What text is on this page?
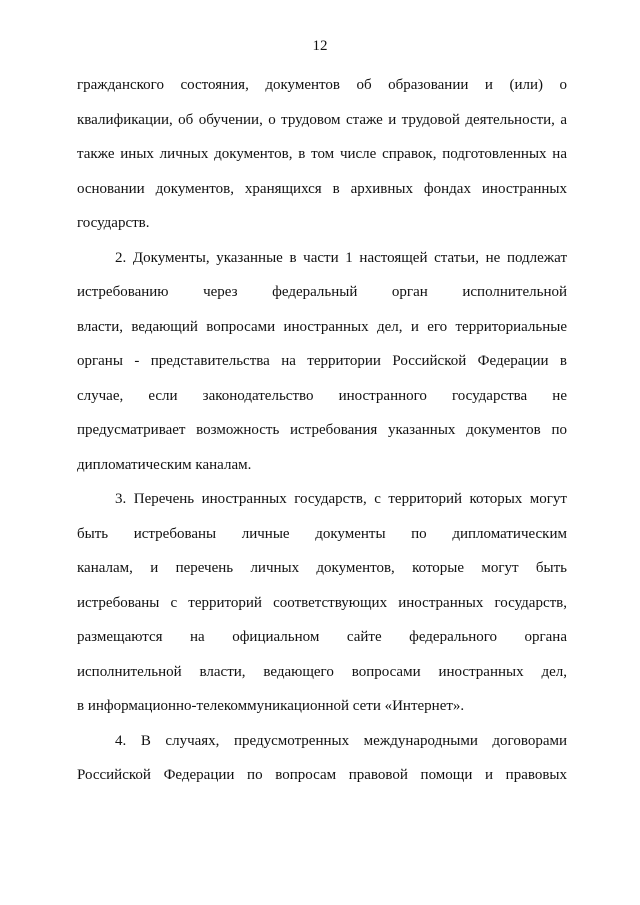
12
гражданского состояния, документов об образовании и (или) о
квалификации, об обучении, о трудовом стаже и трудовой деятельности, а
также иных личных документов, в том числе справок, подготовленных на
основании документов, хранящихся в архивных фондах иностранных
государств.
2. Документы, указанные в части 1 настоящей статьи, не подлежат
истребованию через федеральный орган исполнительной
власти, ведающий вопросами иностранных дел, и его территориальные
органы - представительства на территории Российской Федерации в
случае, если законодательство иностранного государства не
предусматривает возможность истребования указанных документов по
дипломатическим каналам.
3. Перечень иностранных государств, с территорий которых могут
быть истребованы личные документы по дипломатическим
каналам, и перечень личных документов, которые могут быть
истребованы с территорий соответствующих иностранных государств,
размещаются на официальном сайте федерального органа
исполнительной власти, ведающего вопросами иностранных дел,
в информационно-телекоммуникационной сети «Интернет».
4. В случаях, предусмотренных международными договорами
Российской Федерации по вопросам правовой помощи и правовых
